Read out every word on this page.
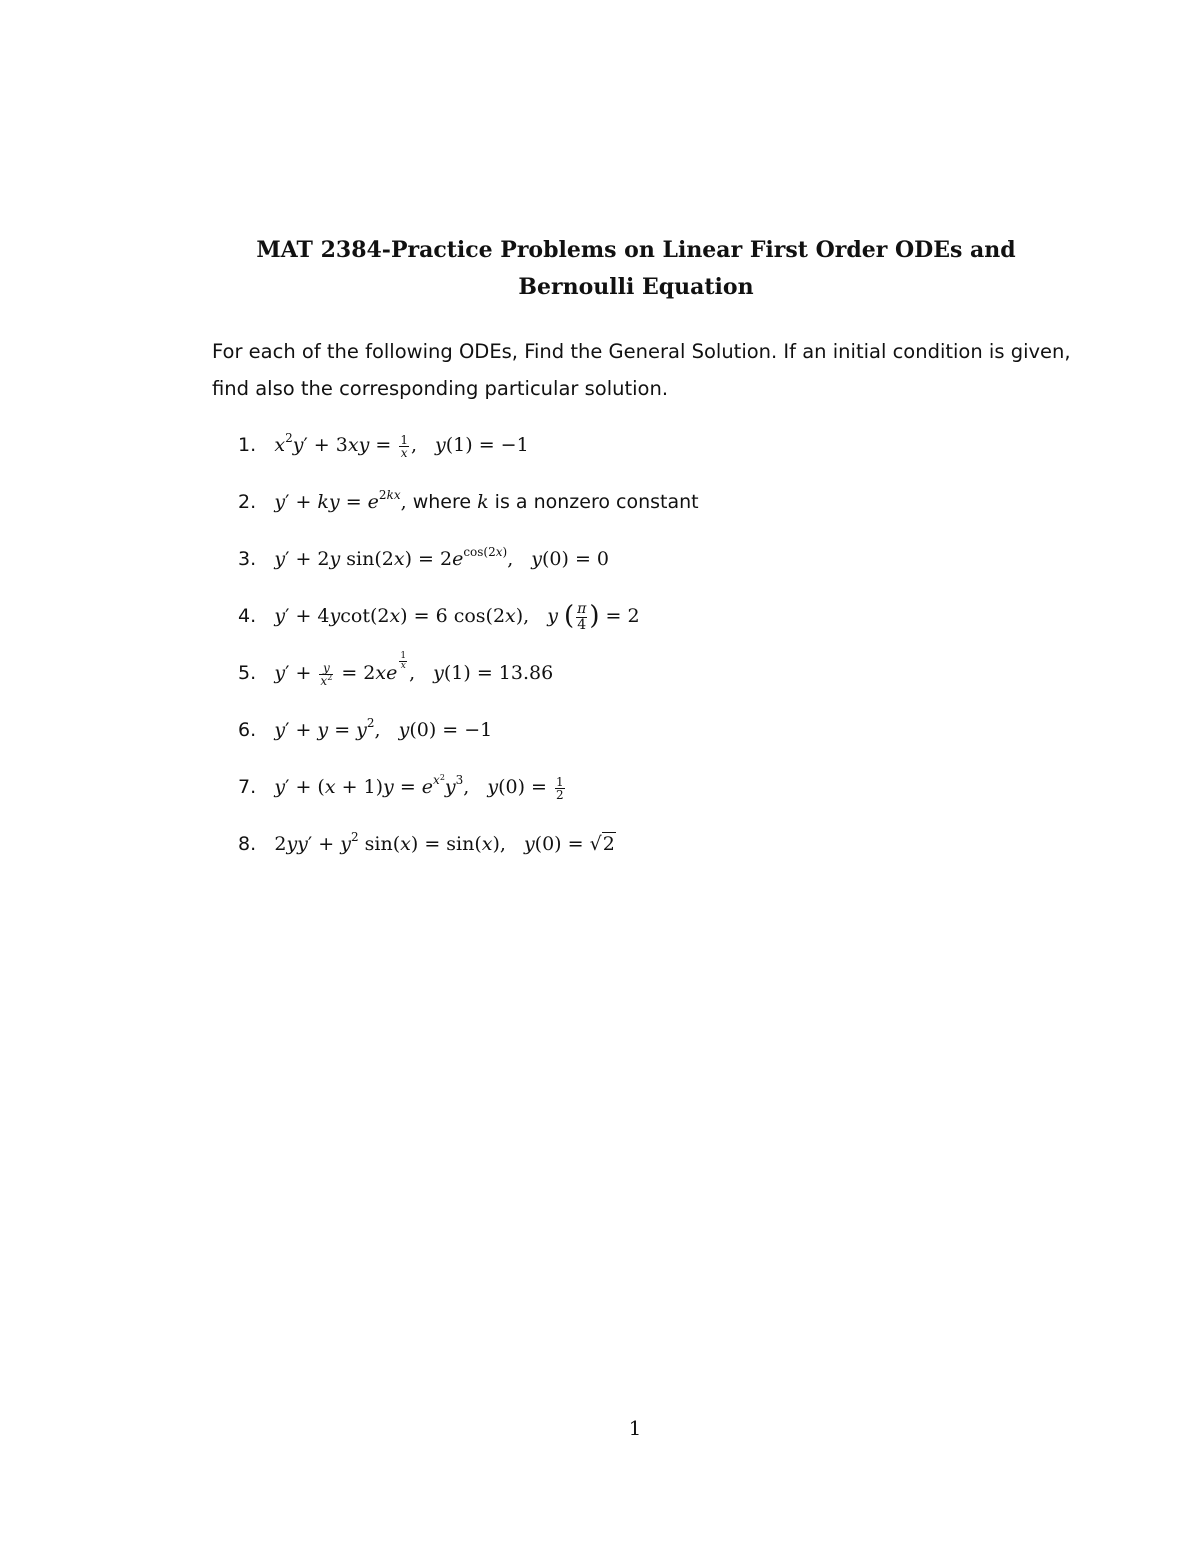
MAT 2384-Practice Problems on Linear First Order ODEs and Bernoulli Equation
For each of the following ODEs, Find the General Solution. If an initial condition is given, find also the corresponding particular solution.
1. $x^2y' + 3xy = \frac{1}{x}$ , y(1) = −1
2. y′ + ky = $e^{2kx}$, where k is a nonzero constant
3. y′ + 2y $\sin(2x) = 2e^{cos(2x)}$, y(0) = 0
4. y′ + 4ycot(2x) = 6 cos(2x), y ( $\frac{\pi}{4}$ ) = 2
5. $y' + \frac{y}{x^2} = 2xe$
$^{\frac{1}{x}}$
, y(1) = 13.86
6. $y' + y = y^2$, y(0) = −1
7. $y' + (x + 1)y = e^{x^2}y^3$, $y(0) = \frac{1}{2}$
8. $2yy' + y^2$ sin(x) = sin(x), y(0) = √2
1
